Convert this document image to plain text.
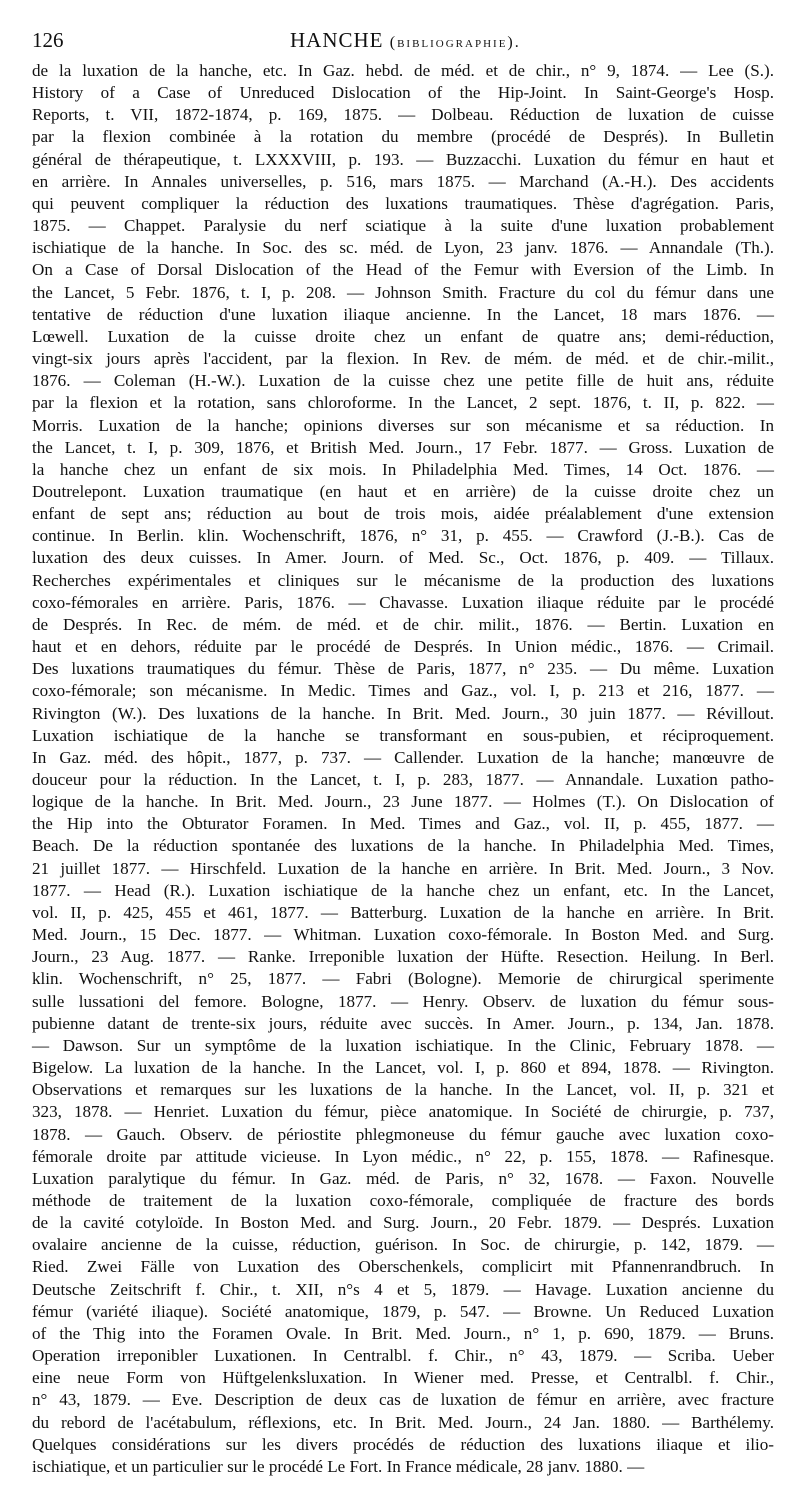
126	HANCHE (bibliographie).
de la luxation de la hanche, etc. In Gaz. hebd. de méd. et de chir., n° 9, 1874. — Lee (S.).
History of a Case of Unreduced Dislocation of the Hip-Joint. In Saint-George's Hosp.
Reports, t. VII, 1872-1874, p. 169, 1875. — Dolbeau. Réduction de luxation de cuisse
par la flexion combinée à la rotation du membre (procédé de Després). In Bulletin
général de thérapeutique, t. LXXXVIII, p. 193. — Buzzacchi. Luxation du fémur en haut et
en arrière. In Annales universelles, p. 516, mars 1875. — Marchand (A.-H.). Des accidents
qui peuvent compliquer la réduction des luxations traumatiques. Thèse d'agrégation. Paris,
1875. — Chappet. Paralysie du nerf sciatique à la suite d'une luxation probablement
ischiatique de la hanche. In Soc. des sc. méd. de Lyon, 23 janv. 1876. — Annandale (Th.).
On a Case of Dorsal Dislocation of the Head of the Femur with Eversion of the Limb. In
the Lancet, 5 Febr. 1876, t. I, p. 208. — Johnson Smith. Fracture du col du fémur dans une
tentative de réduction d'une luxation iliaque ancienne. In the Lancet, 18 mars 1876. —
Lœwell. Luxation de la cuisse droite chez un enfant de quatre ans; demi-réduction,
vingt-six jours après l'accident, par la flexion. In Rev. de mém. de méd. et de chir.-milit.,
1876. — Coleman (H.-W.). Luxation de la cuisse chez une petite fille de huit ans, réduite
par la flexion et la rotation, sans chloroforme. In the Lancet, 2 sept. 1876, t. II, p. 822. —
Morris. Luxation de la hanche; opinions diverses sur son mécanisme et sa réduction. In
the Lancet, t. I, p. 309, 1876, et British Med. Journ., 17 Febr. 1877. — Gross. Luxation de
la hanche chez un enfant de six mois. In Philadelphia Med. Times, 14 Oct. 1876. —
Doutrelepont. Luxation traumatique (en haut et en arrière) de la cuisse droite chez un
enfant de sept ans; réduction au bout de trois mois, aidée préalablement d'une extension
continue. In Berlin. klin. Wochenschrift, 1876, n° 31, p. 455. — Crawford (J.-B.). Cas de
luxation des deux cuisses. In Amer. Journ. of Med. Sc., Oct. 1876, p. 409. — Tillaux.
Recherches expérimentales et cliniques sur le mécanisme de la production des luxations
coxo-fémorales en arrière. Paris, 1876. — Chavasse. Luxation iliaque réduite par le procédé
de Després. In Rec. de mém. de méd. et de chir. milit., 1876. — Bertin. Luxation en
haut et en dehors, réduite par le procédé de Després. In Union médic., 1876. — Crimail.
Des luxations traumatiques du fémur. Thèse de Paris, 1877, n° 235. — Du même. Luxation
coxo-fémorale; son mécanisme. In Medic. Times and Gaz., vol. I, p. 213 et 216, 1877. —
Rivington (W.). Des luxations de la hanche. In Brit. Med. Journ., 30 juin 1877. — Révillout.
Luxation ischiatique de la hanche se transformant en sous-pubien, et réciproquement.
In Gaz. méd. des hôpit., 1877, p. 737. — Callender. Luxation de la hanche; manœuvre de
douceur pour la réduction. In the Lancet, t. I, p. 283, 1877. — Annandale. Luxation patho-
logique de la hanche. In Brit. Med. Journ., 23 June 1877. — Holmes (T.). On Dislocation of
the Hip into the Obturator Foramen. In Med. Times and Gaz., vol. II, p. 455, 1877. —
Beach. De la réduction spontanée des luxations de la hanche. In Philadelphia Med. Times,
21 juillet 1877. — Hirschfeld. Luxation de la hanche en arrière. In Brit. Med. Journ., 3 Nov.
1877. — Head (R.). Luxation ischiatique de la hanche chez un enfant, etc. In the Lancet,
vol. II, p. 425, 455 et 461, 1877. — Batterburg. Luxation de la hanche en arrière. In Brit.
Med. Journ., 15 Dec. 1877. — Whitman. Luxation coxo-fémorale. In Boston Med. and Surg.
Journ., 23 Aug. 1877. — Ranke. Irreponible luxation der Hüfte. Resection. Heilung. In Berl.
klin. Wochenschrift, n° 25, 1877. — Fabri (Bologne). Memorie de chirurgical sperimente
sulle lussationi del femore. Bologne, 1877. — Henry. Observ. de luxation du fémur sous-
pubienne datant de trente-six jours, réduite avec succès. In Amer. Journ., p. 134, Jan. 1878.
— Dawson. Sur un symptôme de la luxation ischiatique. In the Clinic, February 1878. —
Bigelow. La luxation de la hanche. In the Lancet, vol. I, p. 860 et 894, 1878. — Rivington.
Observations et remarques sur les luxations de la hanche. In the Lancet, vol. II, p. 321 et
323, 1878. — Henriet. Luxation du fémur, pièce anatomique. In Société de chirurgie, p. 737,
1878. — Gauch. Observ. de périostite phlegmoneuse du fémur gauche avec luxation coxo-
fémorale droite par attitude vicieuse. In Lyon médic., n° 22, p. 155, 1878. — Rafinesque.
Luxation paralytique du fémur. In Gaz. méd. de Paris, n° 32, 1678. — Faxon. Nouvelle
méthode de traitement de la luxation coxo-fémorale, compliquée de fracture des bords
de la cavité cotyloïde. In Boston Med. and Surg. Journ., 20 Febr. 1879. — Després. Luxation
ovalaire ancienne de la cuisse, réduction, guérison. In Soc. de chirurgie, p. 142, 1879. —
Ried. Zwei Fälle von Luxation des Oberschenkels, complicirt mit Pfannenrandbruch. In
Deutsche Zeitschrift f. Chir., t. XII, n°s 4 et 5, 1879. — Havage. Luxation ancienne du
fémur (variété iliaque). Société anatomique, 1879, p. 547. — Browne. Un Reduced Luxation
of the Thig into the Foramen Ovale. In Brit. Med. Journ., n° 1, p. 690, 1879. — Bruns.
Operation irreponibler Luxationen. In Centralbl. f. Chir., n° 43, 1879. — Scriba. Ueber
eine neue Form von Hüftgelenksluxation. In Wiener med. Presse, et Centralbl. f. Chir.,
n° 43, 1879. — Eve. Description de deux cas de luxation de fémur en arrière, avec fracture
du rebord de l'acétabulum, réflexions, etc. In Brit. Med. Journ., 24 Jan. 1880. — Barthélemy.
Quelques considérations sur les divers procédés de réduction des luxations iliaque et ilio-
ischiatique, et un particulier sur le procédé Le Fort. In France médicale, 28 janv. 1880. —
